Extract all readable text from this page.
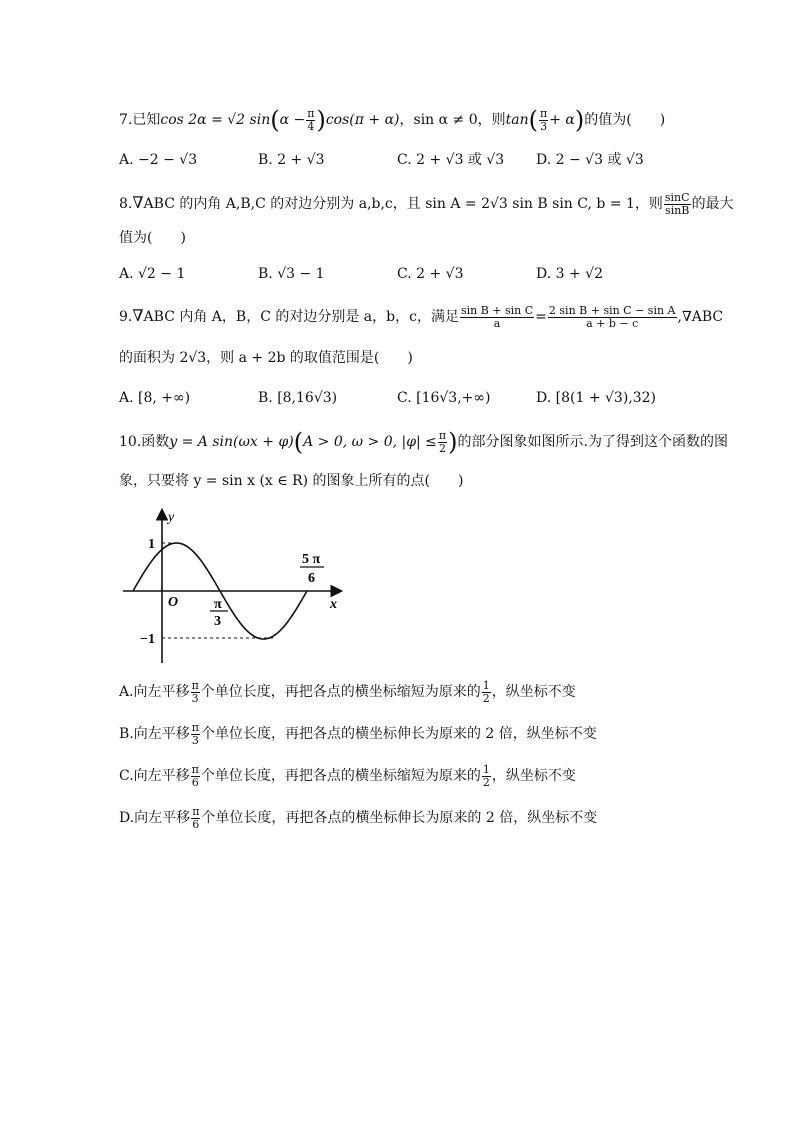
7.已知cos 2α = √2 $\sin(\alpha - \frac{\pi}{4} )\cos(\pi + \alpha)$，sin α ≠ 0，则$\tan( \frac{\pi}{3} + \alpha)$的值为(　　)
A. −2 − √3	B. 2 + √3	C. 2 + √3 或 √3 D. 2 − √3 或 √3
8.∇ABC 的内角 A,B,C 的对边分别为 a,b,c，且 sin A = 2√3 sin B sin C, b = 1，则 $\frac{\sin C}{\sin B}$ 的最大
值为(　　)
A. √2 − 1	B. √3 − 1	C. 2 + √3	D. 3 + √2
9.∇ABC 内角 A，B，C 的对边分别是 a，b，c，满足 $\frac{\text{sin B + sin C}}{a} = \frac{\text{2 sin B + sin C − sin A}}{a + b - c} ,\nabla ABC$
的面积为 2√3，则 a + 2b 的取值范围是(　　)
A. [8, +∞)	B. [8,16√3)	C. [16√3,+∞)	D. [8(1 + √3),32)
10.函数y = A sin(ωx + φ)(A > 0, ω > 0, $|\varphi| \le \frac{\pi}{2}$ )的部分图象如图所示.为了得到这个函数的图
象，只要将 y = sin x (x ∈ R) 的图象上所有的点(　　)
y
x
O
1
−1
π
3
5 π
6
A.向左平移 $\frac{\pi}{3}$ 个单位长度，再把各点的横坐标缩短为原来的 $\frac{1}{2}$ ，纵坐标不变
B.向左平移 $\frac{\pi}{3}$ 个单位长度，再把各点的横坐标伸长为原来的 2 倍，纵坐标不变
C.向左平移 $\frac{\pi}{6}$ 个单位长度，再把各点的横坐标缩短为原来的 $\frac{1}{2}$ ，纵坐标不变
D.向左平移 $\frac{\pi}{6}$ 个单位长度，再把各点的横坐标伸长为原来的 2 倍，纵坐标不变
